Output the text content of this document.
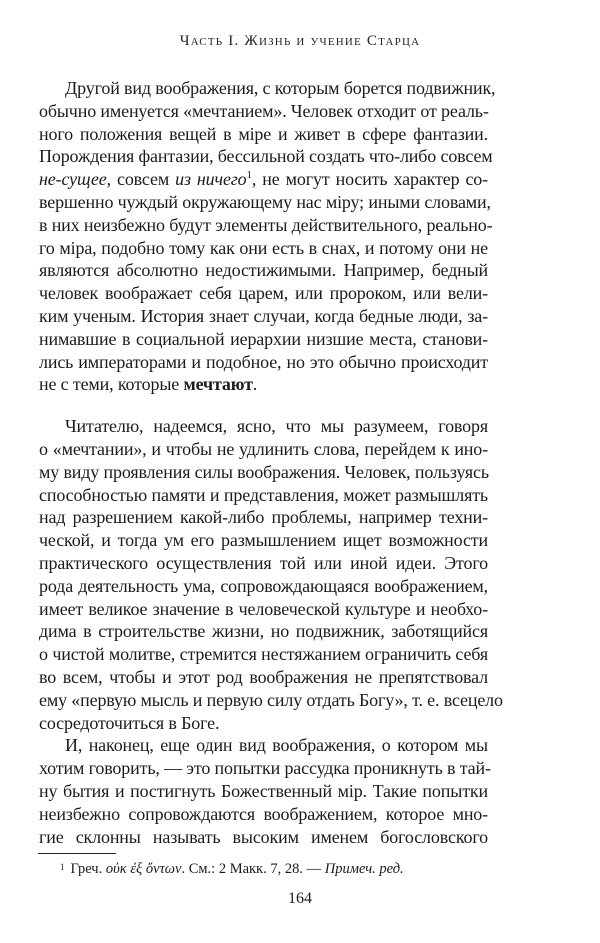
Часть I. Жизнь и учение Старца
Другой вид воображения, с которым борется подвижник,
обычно именуется «мечтанием». Человек отходит от реаль-
ного положения вещей в міре и живет в сфере фантазии.
Порождения фантазии, бессильной создать что-либо совсем
не-сущее, совсем из ничего$^1$, не могут носить характер со-
вершенно чуждый окружающему нас міру; иными словами,
в них неизбежно будут элементы действительного, реально-
го міра, подобно тому как они есть в снах, и потому они не
являются абсолютно недостижимыми. Например, бедный
человек воображает себя царем, или пророком, или вели-
ким ученым. История знает случаи, когда бедные люди, за-
нимавшие в социальной иерархии низшие места, станови-
лись императорами и подобное, но это обычно происходит
не с теми, которые мечтают.
Читателю, надеемся, ясно, что мы разумеем, говоря
о «мечтании», и чтобы не удлинить слова, перейдем к ино-
му виду проявления силы воображения. Человек, пользуясь
способностью памяти и представления, может размышлять
над разрешением какой-либо проблемы, например техни-
ческой, и тогда ум его размышлением ищет возможности
практического осуществления той или иной идеи. Этого
рода деятельность ума, сопровождающаяся воображением,
имеет великое значение в человеческой культуре и необхо-
дима в строительстве жизни, но подвижник, заботящийся
о чистой молитве, стремится нестяжанием ограничить себя
во всем, чтобы и этот род воображения не препятствовал
ему «первую мысль и первую силу отдать Богу», т. е. всецело
сосредоточиться в Боге.
И, наконец, еще один вид воображения, о котором мы
хотим говорить, — это попытки рассудка проникнуть в тай-
ну бытия и постигнуть Божественный мір. Такие попытки
неизбежно сопровождаются воображением, которое мно-
гие склонны называть высоким именем богословского
$^1$ Греч. οὐκ ἐξ ὄντων. См.: 2 Макк. 7, 28. — Примеч. ред.
164
